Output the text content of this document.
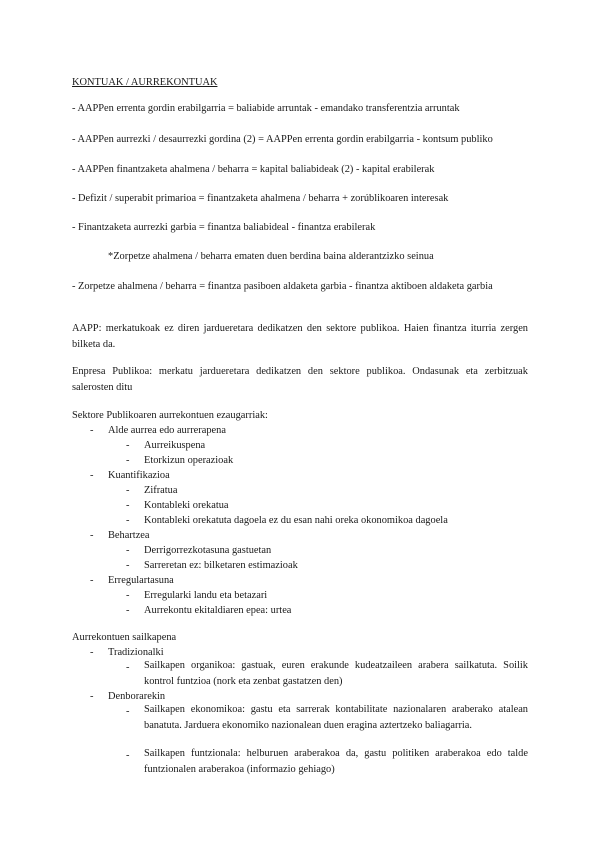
KONTUAK / AURREKONTUAK
- AAPPen errenta gordin erabilgarria = baliabide arruntak - emandako transferentzia arruntak
- AAPPen aurrezki / desaurrezki gordina (2) = AAPPen errenta gordin erabilgarria - kontsum publiko
- AAPPen finantzaketa ahalmena / beharra = kapital baliabideak (2) - kapital erabilerak
- Defizit / superabit primarioa = finantzaketa ahalmena / beharra + zorúblikoaren interesak
- Finantzaketa aurrezki garbia = finantza baliabideal - finantza erabilerak
*Zorpetze ahalmena / beharra ematen duen berdina baina alderantzizko seinua
- Zorpetze ahalmena / beharra = finantza pasiboen aldaketa garbia - finantza aktiboen aldaketa garbia
AAPP: merkatukoak ez diren jardueretara dedikatzen den sektore publikoa. Haien finantza iturria zergen bilketa da.
Enpresa Publikoa: merkatu jardueretara dedikatzen den sektore publikoa. Ondasunak eta zerbitzuak salerosten ditu
Sektore Publikoaren aurrekontuen ezaugarriak:
- Alde aurrea edo aurrerapena
- Aurreikuspena
- Etorkizun operazioak
- Kuantifikazioa
- Zifratua
- Kontableki orekatua
- Kontableki orekatuta dagoela ez du esan nahi oreka okonomikoa dagoela
- Behartzea
- Derrigorrezkotasuna gastuetan
- Sarreretan ez: bilketaren estimazioak
- Erregulartasuna
- Erregularki landu eta betazari
- Aurrekontu ekitaldiaren epea: urtea
Aurrekontuen sailkapena
- Tradizionalki
- Sailkapen organikoa: gastuak, euren erakunde kudeatzaileen arabera sailkatuta. Soilik kontrol funtzioa (nork eta zenbat gastatzen den)
- Denborarekin
- Sailkapen ekonomikoa: gastu eta sarrerak kontabilitate nazionalaren araberako atalean banatuta. Jarduera ekonomiko nazionalean duen eragina aztertzeko baliagarria.
- Sailkapen funtzionala: helburuen araberakoa da, gastu politiken araberakoa edo talde funtzionalen araberakoa (informazio gehiago)
